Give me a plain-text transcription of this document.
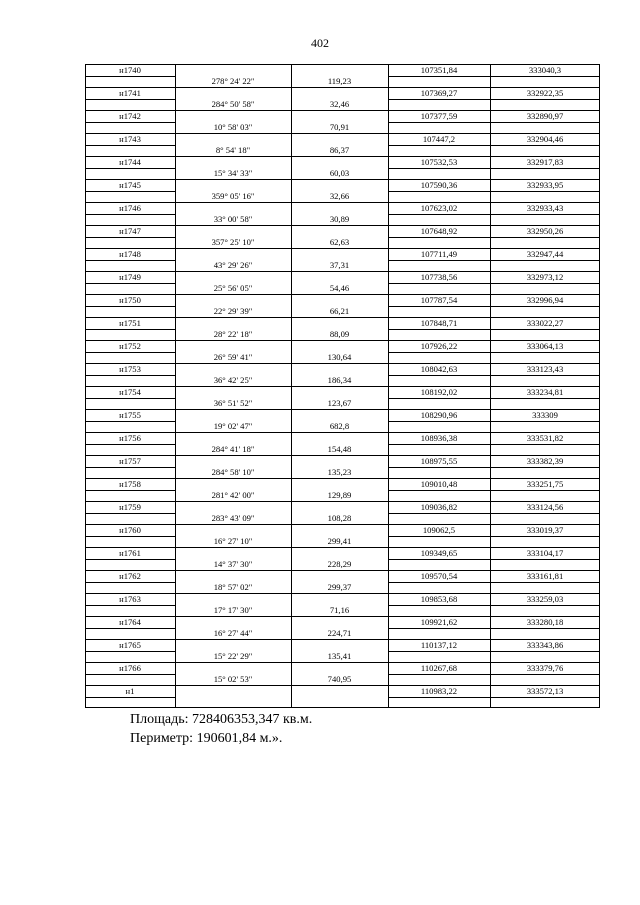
402
Площадь: 728406353,347 кв.м.
Периметр: 190601,84 м.».
н1740	107351,84	333040,3
278° 24' 22"	119,23
н1741	107369,27	332922,35
284° 50' 58"	32,46
н1742	107377,59	332890,97
10° 58' 03"	70,91
н1743	107447,2	332904,46
8° 54' 18"	86,37
н1744	107532,53	332917,83
15° 34' 33"	60,03
н1745	107590,36	332933,95
359° 05' 16"	32,66
н1746	107623,02	332933,43
33° 00' 58"	30,89
н1747	107648,92	332950,26
357° 25' 10"	62,63
н1748	107711,49	332947,44
43° 29' 26"	37,31
н1749	107738,56	332973,12
25° 56' 05"	54,46
н1750	107787,54	332996,94
22° 29' 39"	66,21
н1751	107848,71	333022,27
28° 22' 18"	88,09
н1752	107926,22	333064,13
26° 59' 41"	130,64
н1753	108042,63	333123,43
36° 42' 25"	186,34
н1754	108192,02	333234,81
36° 51' 52"	123,67
н1755	108290,96	333309
19° 02' 47"	682,8
н1756	108936,38	333531,82
284° 41' 18"	154,48
н1757	108975,55	333382,39
284° 58' 10"	135,23
н1758	109010,48	333251,75
281° 42' 00"	129,89
н1759	109036,82	333124,56
283° 43' 09"	108,28
н1760	109062,5	333019,37
16° 27' 10"	299,41
н1761	109349,65	333104,17
14° 37' 30"	228,29
н1762	109570,54	333161,81
18° 57' 02"	299,37
н1763	109853,68	333259,03
17° 17' 30"	71,16
н1764	109921,62	333280,18
16° 27' 44"	224,71
н1765	110137,12	333343,86
15° 22' 29"	135,41
н1766	110267,68	333379,76
15° 02' 53"	740,95
н1	110983,22	333572,13
